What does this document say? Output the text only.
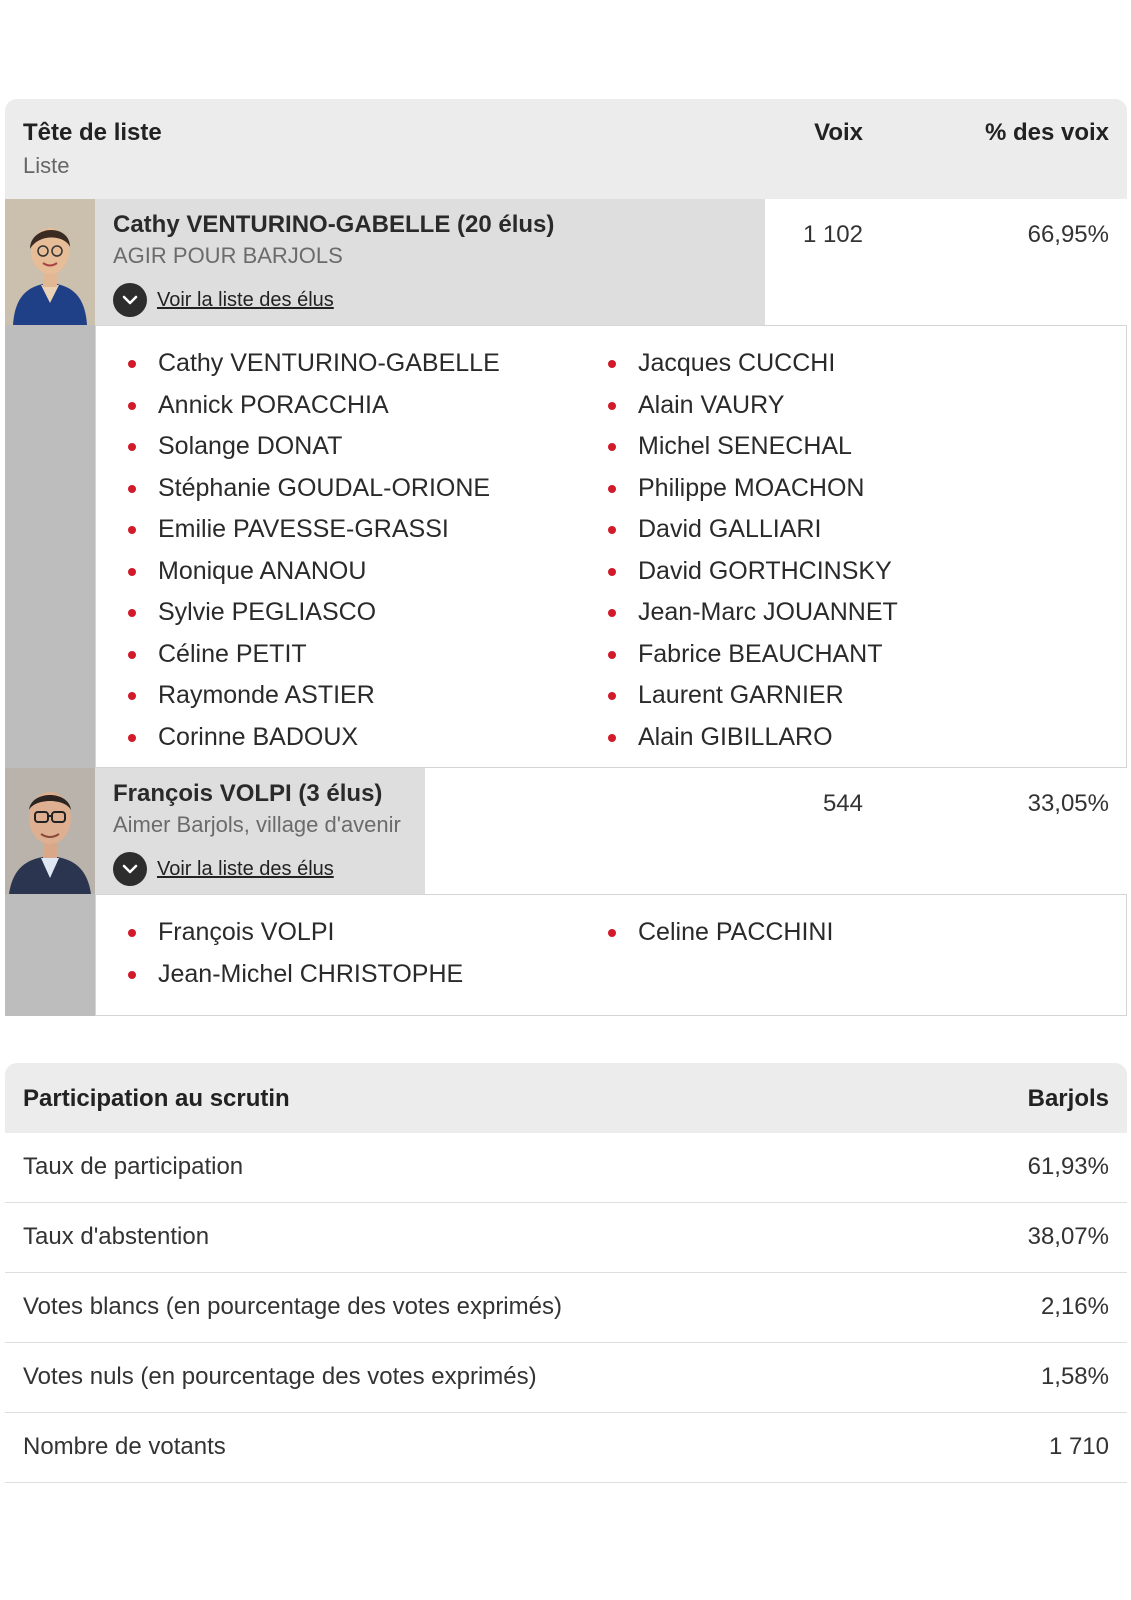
Tête de liste
Liste
Voix	% des voix
Cathy VENTURINO-GABELLE (20 élus)
AGIR POUR BARJOLS
Voir la liste des élus
1 102	66,95%
Cathy VENTURINO-GABELLE
Annick PORACCHIA
Solange DONAT
Stéphanie GOUDAL-ORIONE
Emilie PAVESSE-GRASSI
Monique ANANOU
Sylvie PEGLIASCO
Céline PETIT
Raymonde ASTIER
Corinne BADOUX
Jacques CUCCHI
Alain VAURY
Michel SENECHAL
Philippe MOACHON
David GALLIARI
David GORTHCINSKY
Jean-Marc JOUANNET
Fabrice BEAUCHANT
Laurent GARNIER
Alain GIBILLARO
François VOLPI (3 élus)
Aimer Barjols, village d'avenir
Voir la liste des élus
544	33,05%
François VOLPI
Jean-Michel CHRISTOPHE
Celine PACCHINI
Participation au scrutin	Barjols
Taux de participation	61,93%
Taux d'abstention	38,07%
Votes blancs (en pourcentage des votes exprimés)	2,16%
Votes nuls (en pourcentage des votes exprimés)	1,58%
Nombre de votants	1 710
